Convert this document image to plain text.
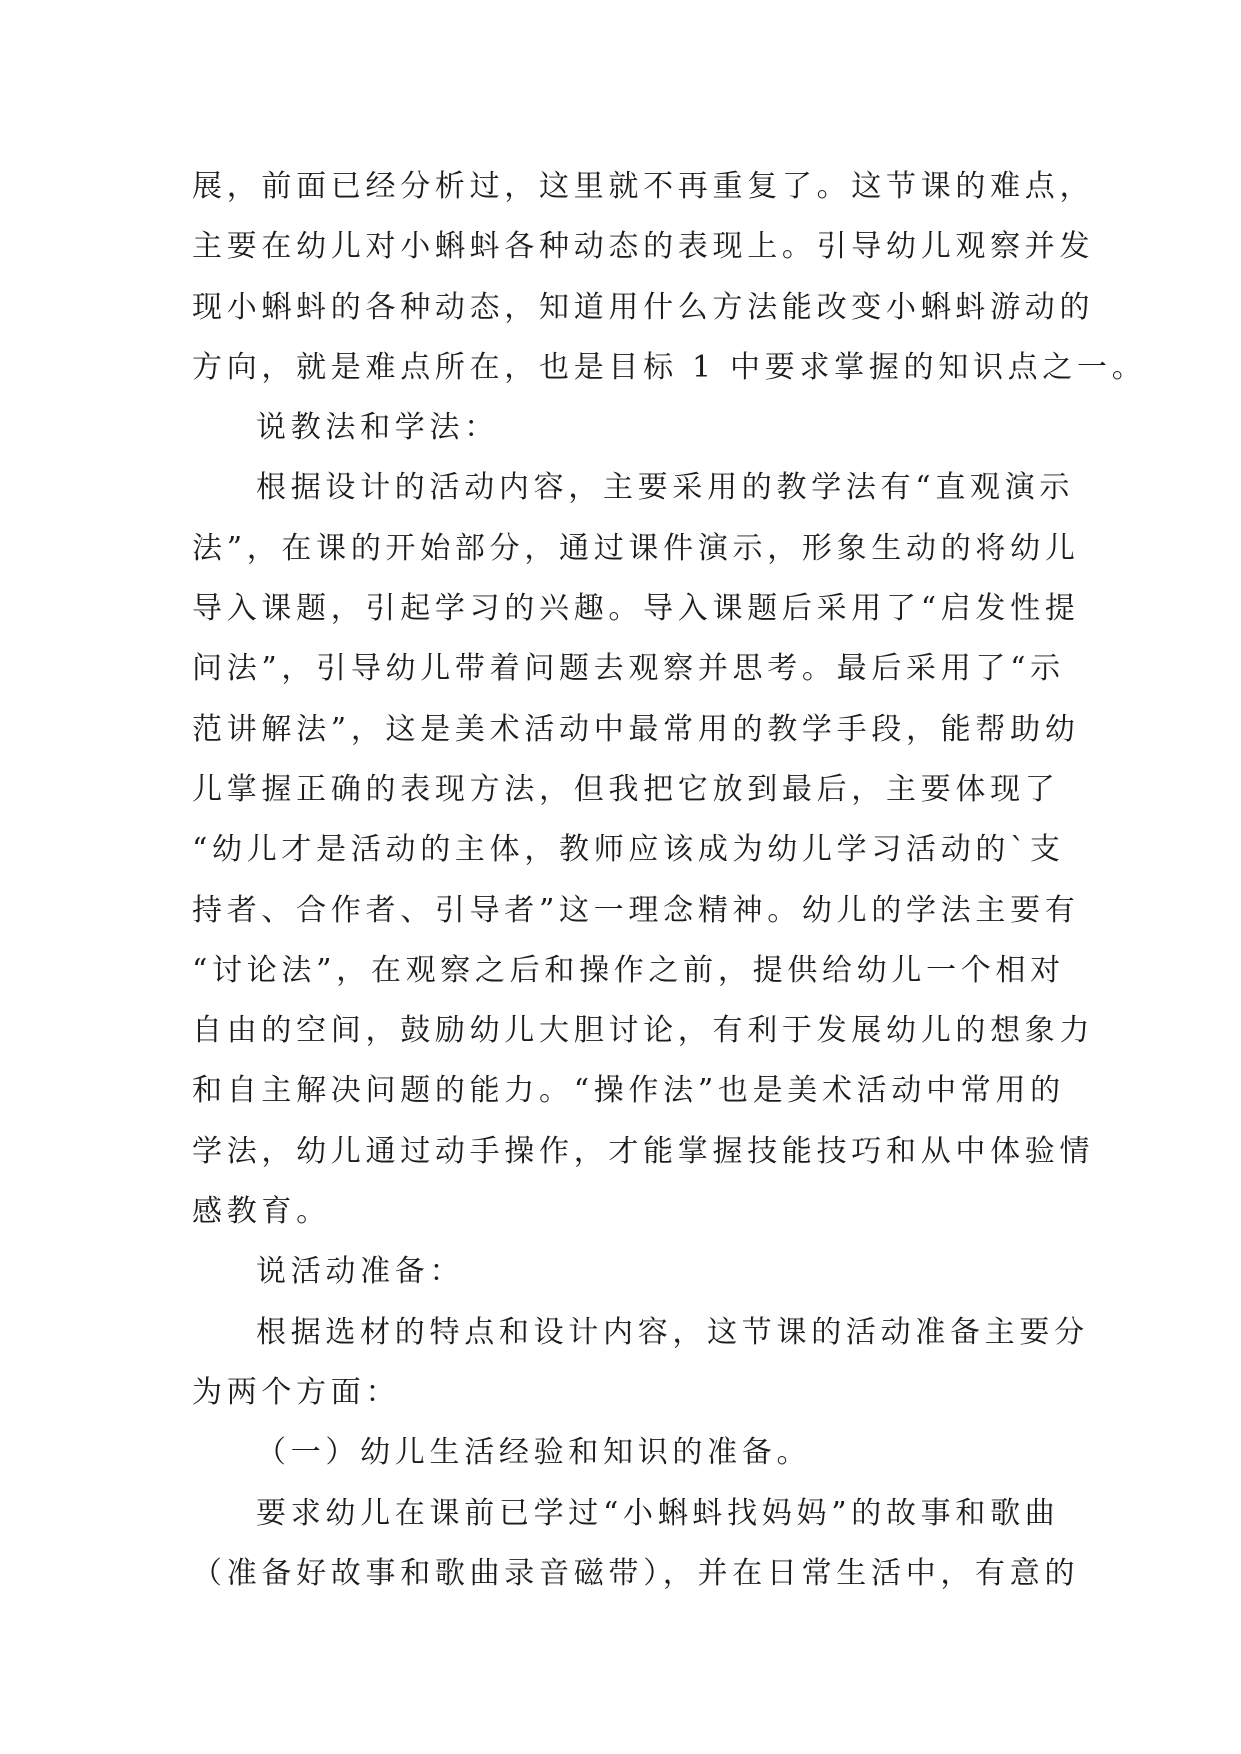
展，前面已经分析过，这里就不再重复了。这节课的难点，
主要在幼儿对小蝌蚪各种动态的表现上。引导幼儿观察并发
现小蝌蚪的各种动态，知道用什么方法能改变小蝌蚪游动的
方向，就是难点所在，也是目标 1 中要求掌握的知识点之一。
说教法和学法：
根据设计的活动内容，主要采用的教学法有“直观演示
法”，在课的开始部分，通过课件演示，形象生动的将幼儿
导入课题，引起学习的兴趣。导入课题后采用了“启发性提
问法”，引导幼儿带着问题去观察并思考。最后采用了“示
范讲解法”，这是美术活动中最常用的教学手段，能帮助幼
儿掌握正确的表现方法，但我把它放到最后，主要体现了
“幼儿才是活动的主体，教师应该成为幼儿学习活动的`支
持者、合作者、引导者”这一理念精神。幼儿的学法主要有
“讨论法”，在观察之后和操作之前，提供给幼儿一个相对
自由的空间，鼓励幼儿大胆讨论，有利于发展幼儿的想象力
和自主解决问题的能力。“操作法”也是美术活动中常用的
学法，幼儿通过动手操作，才能掌握技能技巧和从中体验情
感教育。
说活动准备：
根据选材的特点和设计内容，这节课的活动准备主要分
为两个方面：
（一）幼儿生活经验和知识的准备。
要求幼儿在课前已学过“小蝌蚪找妈妈”的故事和歌曲
（准备好故事和歌曲录音磁带），并在日常生活中，有意的
